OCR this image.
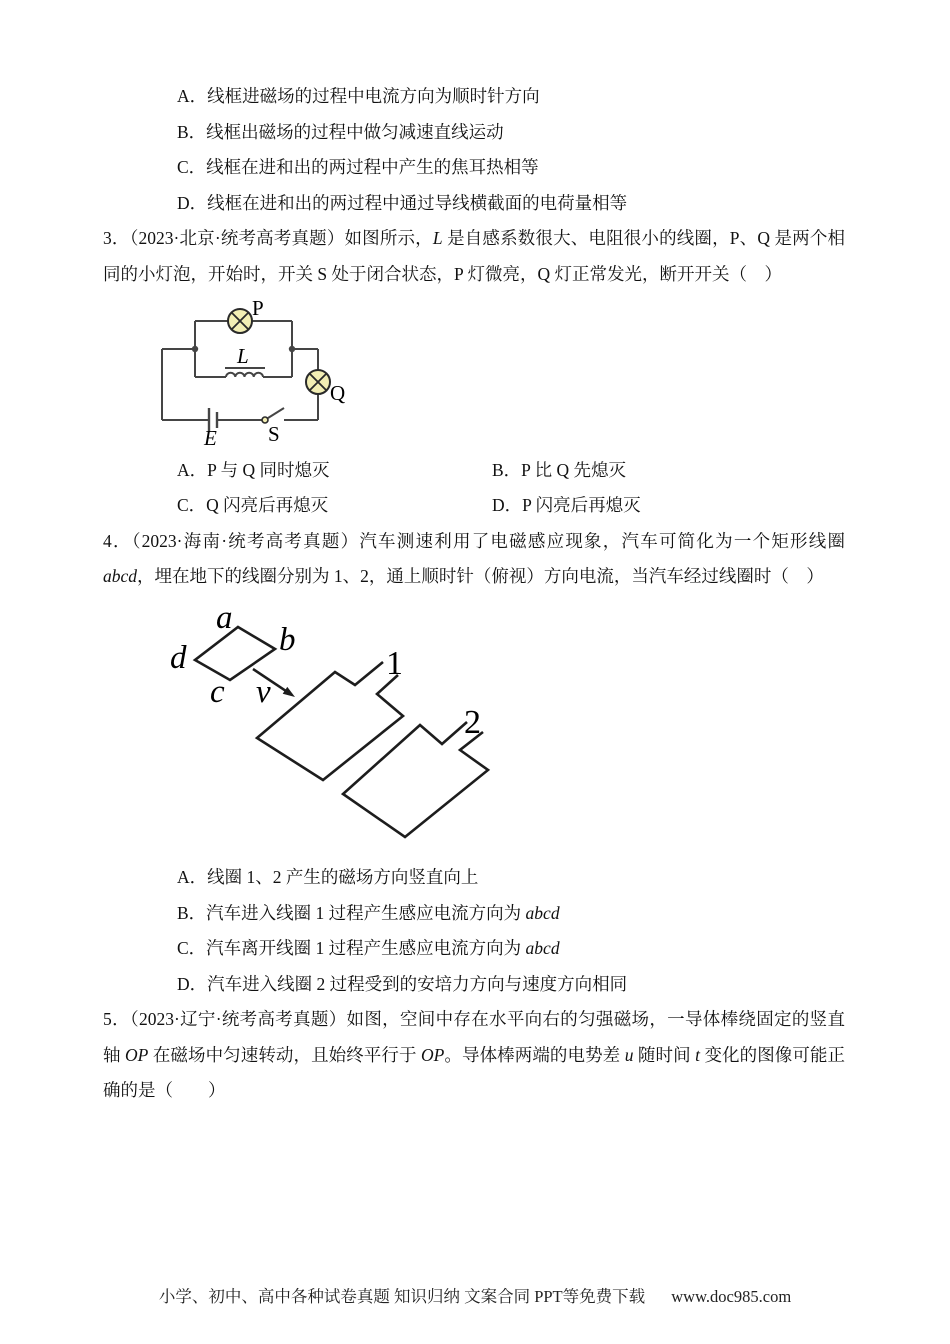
A．线框进磁场的过程中电流方向为顺时针方向
B．线框出磁场的过程中做匀减速直线运动
C．线框在进和出的两过程中产生的焦耳热相等
D．线框在进和出的两过程中通过导线横截面的电荷量相等

3．（2023·北京·统考高考真题）如图所示，L 是自感系数很大、电阻很小的线圈，P、Q 是两个相同的小灯泡，开始时，开关 S 处于闭合状态，P 灯微亮，Q 灯正常发光，断开开关（　）

P
L
Q
E S
A．P 与 Q 同时熄灭	B．P 比 Q 先熄灭
C．Q 闪亮后再熄灭	D．P 闪亮后再熄灭

4．（2023·海南·统考高考真题）汽车测速利用了电磁感应现象，汽车可简化为一个矩形线圈 abcd，埋在地下的线圈分别为 1、2，通上顺时针（俯视）方向电流，当汽车经过线圈时（　）

a
b
c
d
v
1
2
A．线圈 1、2 产生的磁场方向竖直向上
B．汽车进入线圈 1 过程产生感应电流方向为 abcd
C．汽车离开线圈 1 过程产生感应电流方向为 abcd
D．汽车进入线圈 2 过程受到的安培力方向与速度方向相同

5．（2023·辽宁·统考高考真题）如图，空间中存在水平向右的匀强磁场，一导体棒绕固定的竖直轴 OP 在磁场中匀速转动，且始终平行于 OP。导体棒两端的电势差 u 随时间 t 变化的图像可能正确的是（　　）

小学、初中、高中各种试卷真题 知识归纳 文案合同 PPT等免费下载 www.doc985.com
